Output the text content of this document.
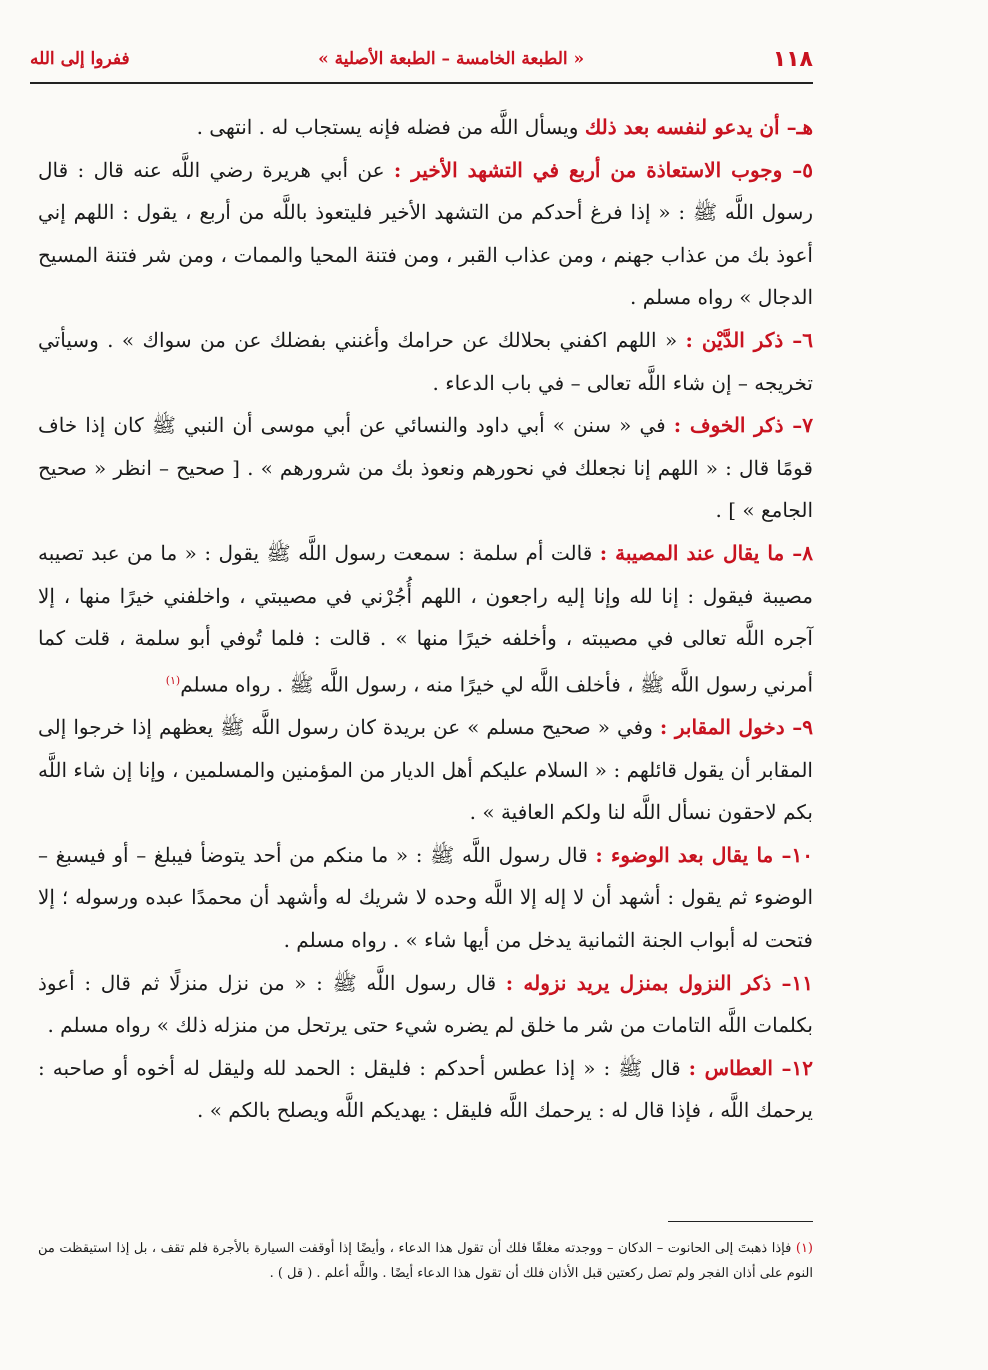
١١٨
« الطبعة الخامسة – الطبعة الأصلية »
ففروا إلى الله

هـ– أن يدعو لنفسه بعد ذلك ويسأل اللَّه من فضله فإنه يستجاب له . انتهى .

٥– وجوب الاستعاذة من أربع في التشهد الأخير : عن أبي هريرة رضي اللَّه عنه قال : قال رسول اللَّه ﷺ : « إذا فرغ أحدكم من التشهد الأخير فليتعوذ باللَّه من أربع ، يقول : اللهم إني أعوذ بك من عذاب جهنم ، ومن عذاب القبر ، ومن فتنة المحيا والممات ، ومن شر فتنة المسيح الدجال » رواه مسلم .

٦– ذكر الدَّيْن : « اللهم اكفني بحلالك عن حرامك وأغنني بفضلك عن من سواك » . وسيأتي تخريجه – إن شاء اللَّه تعالى – في باب الدعاء .

٧– ذكر الخوف : في « سنن » أبي داود والنسائي عن أبي موسى أن النبي ﷺ كان إذا خاف قومًا قال : « اللهم إنا نجعلك في نحورهم ونعوذ بك من شرورهم » . [ صحيح – انظر « صحيح الجامع » ] .

٨– ما يقال عند المصيبة : قالت أم سلمة : سمعت رسول اللَّه ﷺ يقول : « ما من عبد تصيبه مصيبة فيقول : إنا لله وإنا إليه راجعون ، اللهم أُجُرْني في مصيبتي ، واخلفني خيرًا منها ، إلا آجره اللَّه تعالى في مصيبته ، وأخلفه خيرًا منها » . قالت : فلما تُوفي أبو سلمة ، قلت كما أمرني رسول اللَّه ﷺ ، فأخلف اللَّه لي خيرًا منه ، رسول اللَّه ﷺ . رواه مسلم$^{(١)}$

٩– دخول المقابر : وفي « صحيح مسلم » عن بريدة كان رسول اللَّه ﷺ يعظهم إذا خرجوا إلى المقابر أن يقول قائلهم : « السلام عليكم أهل الديار من المؤمنين والمسلمين ، وإنا إن شاء اللَّه بكم لاحقون نسأل اللَّه لنا ولكم العافية » .

١٠– ما يقال بعد الوضوء : قال رسول اللَّه ﷺ : « ما منكم من أحد يتوضأ فيبلغ – أو فيسبغ – الوضوء ثم يقول : أشهد أن لا إله إلا اللَّه وحده لا شريك له وأشهد أن محمدًا عبده ورسوله ؛ إلا فتحت له أبواب الجنة الثمانية يدخل من أيها شاء » . رواه مسلم .

١١– ذكر النزول بمنزل يريد نزوله : قال رسول اللَّه ﷺ : « من نزل منزلًا ثم قال : أعوذ بكلمات اللَّه التامات من شر ما خلق لم يضره شيء حتى يرتحل من منزله ذلك » رواه مسلم .

١٢– العطاس : قال ﷺ : « إذا عطس أحدكم : فليقل : الحمد لله وليقل له أخوه أو صاحبه : يرحمك اللَّه ، فإذا قال له : يرحمك اللَّه فليقل : يهديكم اللَّه ويصلح بالكم » .

(١) فإذا ذهبتَ إلى الحانوت – الدكان – ووجدته مغلقًا فلك أن تقول هذا الدعاء ، وأيضًا إذا أوقفت السيارة بالأجرة فلم تقف ، بل إذا استيقظت من النوم على أذان الفجر ولم تصل ركعتين قبل الأذان فلك أن تقول هذا الدعاء أيضًا . واللَّه أعلم . ( قل ) .
